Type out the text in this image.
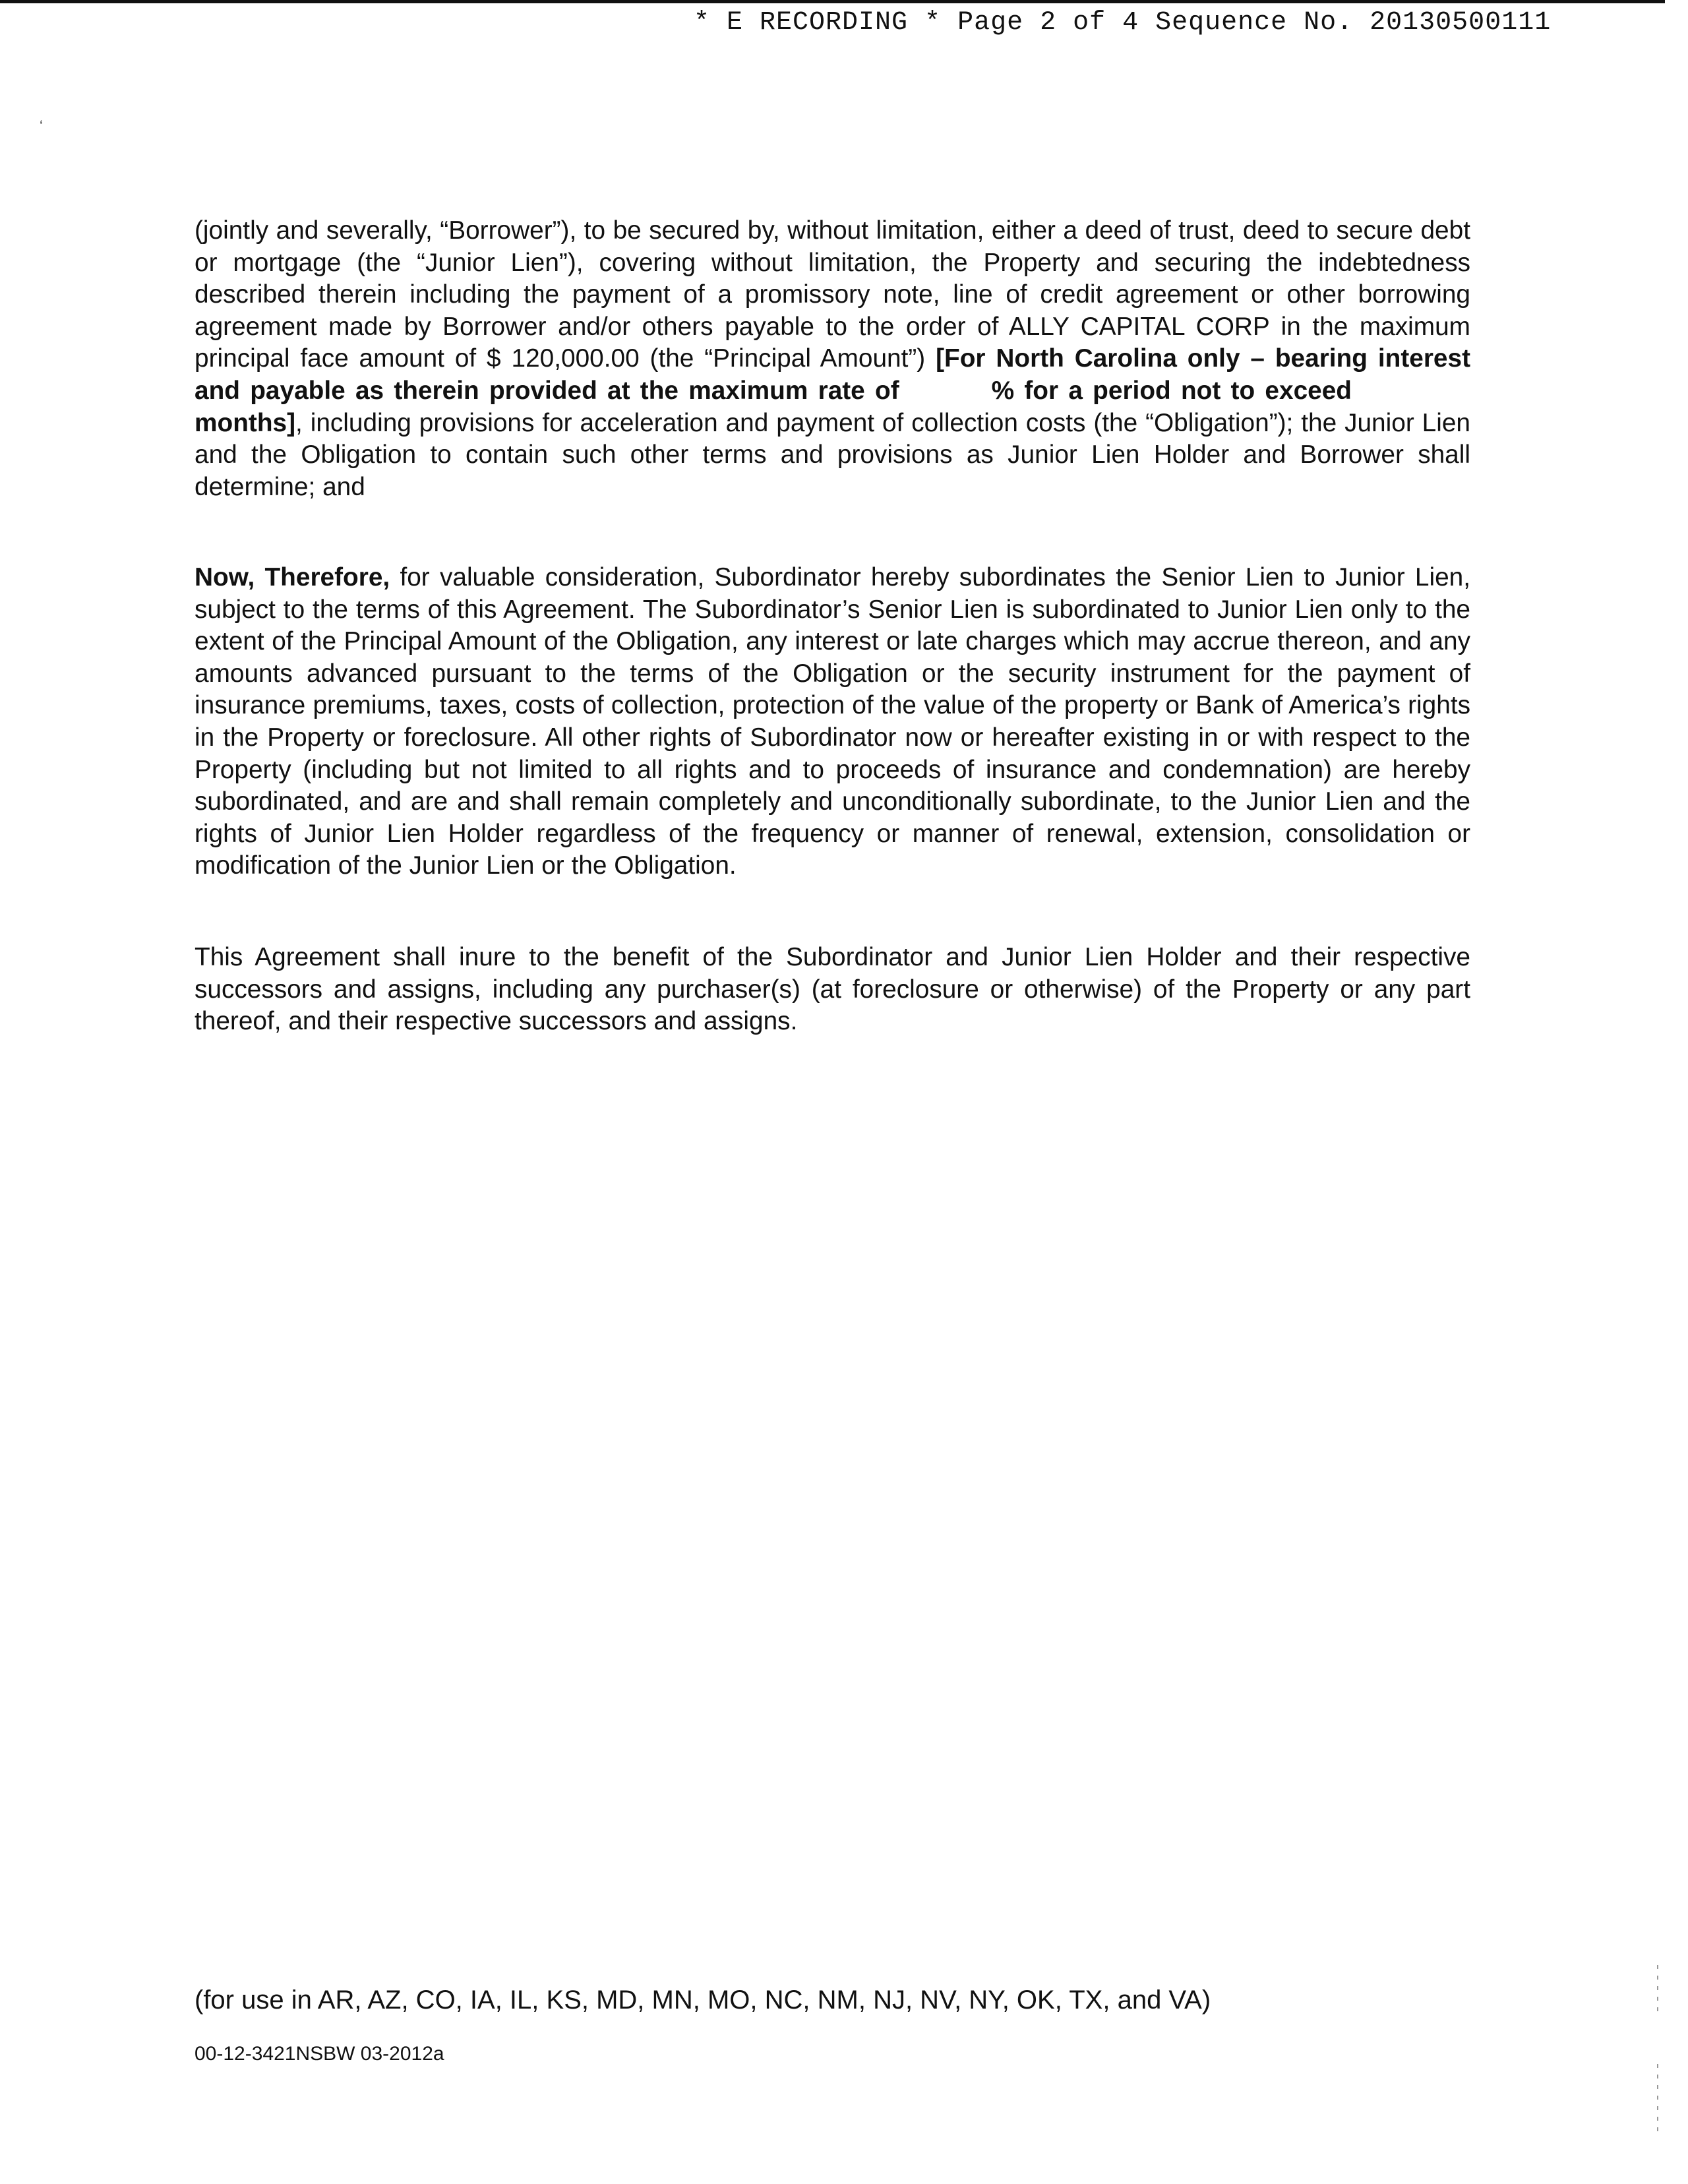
* E RECORDING * Page 2 of 4 Sequence No. 20130500111
‘

(jointly and severally, “Borrower”), to be secured by, without limitation, either a deed of trust, deed to secure debt or mortgage (the “Junior Lien”), covering without limitation, the Property and securing the indebtedness described therein including the payment of a promissory note, line of credit agreement or other borrowing agreement made by Borrower and/or others payable to the order of ALLY CAPITAL CORP in the maximum principal face amount of $ 120,000.00 (the “Principal Amount”) [For North Carolina only – bearing interest and payable as therein provided at the maximum rate of	% for a period not to exceedmonths], including provisions for acceleration and payment of collection costs (the “Obligation”); the Junior Lien and the Obligation to contain such other terms and provisions as Junior Lien Holder and Borrower shall determine; and

Now, Therefore, for valuable consideration, Subordinator hereby subordinates the Senior Lien to Junior Lien, subject to the terms of this Agreement. The Subordinator’s Senior Lien is subordinated to Junior Lien only to the extent of the Principal Amount of the Obligation, any interest or late charges which may accrue thereon, and any amounts advanced pursuant to the terms of the Obligation or the security instrument for the payment of insurance premiums, taxes, costs of collection, protection of the value of the property or Bank of America’s rights in the Property or foreclosure. All other rights of Subordinator now or hereafter existing in or with respect to the Property (including but not limited to all rights and to proceeds of insurance and condemnation) are hereby subordinated, and are and shall remain completely and unconditionally subordinate, to the Junior Lien and the rights of Junior Lien Holder regardless of the frequency or manner of renewal, extension, consolidation or modification of the Junior Lien or the Obligation.

This Agreement shall inure to the benefit of the Subordinator and Junior Lien Holder and their respective successors and assigns, including any purchaser(s) (at foreclosure or otherwise) of the Property or any part thereof, and their respective successors and assigns.

(for use in AR, AZ, CO, IA, IL, KS, MD, MN, MO, NC, NM, NJ, NV, NY, OK, TX, and VA)
00-12-3421NSBW 03-2012a
